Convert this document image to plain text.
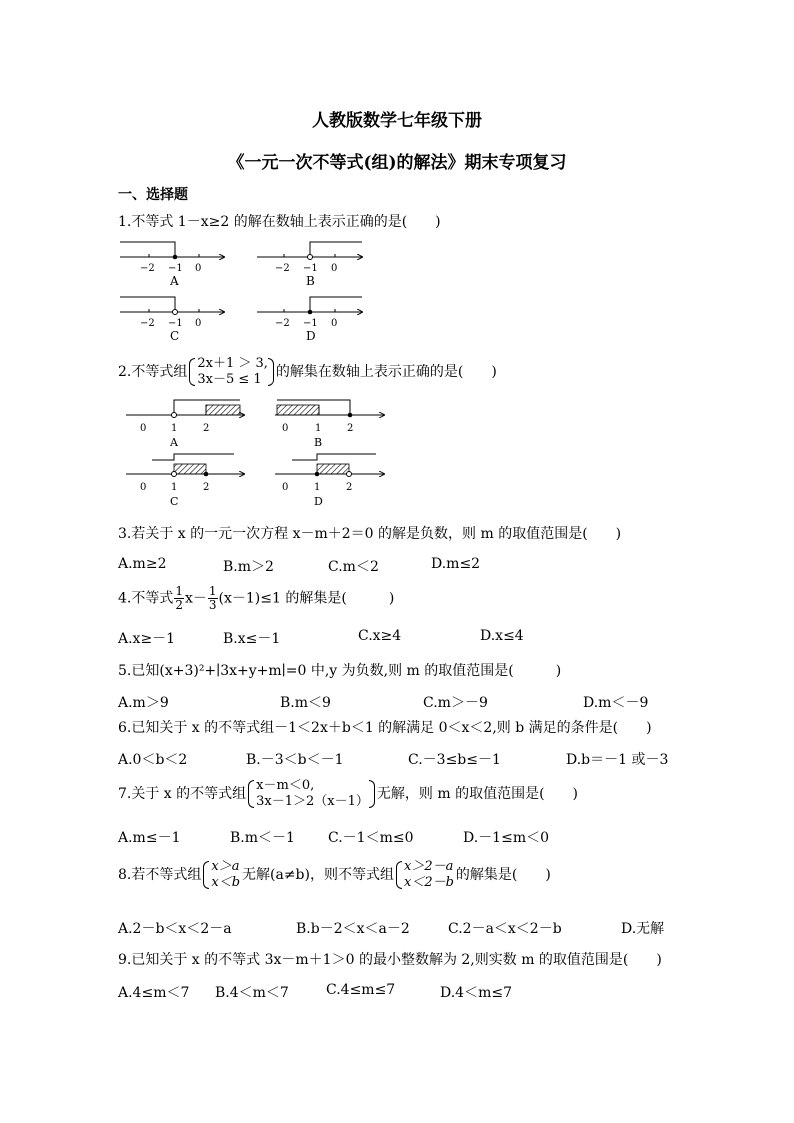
人教版数学七年级下册
《一元一次不等式(组)的解法》期末专项复习
一、选择题
1.不等式 1－x≥2 的解在数轴上表示正确的是(　　)
−2 −1 0
A
−2 −1 0
B
−2 −1 0
C
−2 −1 0
D
2.不等式组
2x＋1 ＞ 3,
3x－5 ≤ 1	的解集在数轴上表示正确的是(　　)
0 1	2
A
0	1	2
B
0 1	2
C
0	1	2
D
3.若关于 x 的一元一次方程 x－m＋2＝0 的解是负数，则 m 的取值范围是(　　)
A.m≥2	B.m＞2	C.m＜2	D.m≤2
4.不等式 $\frac{1}{2} x- \frac{1}{3} (x-1)\le 1$ 的解集是(　　　)
A.x≥－1	B.x≤－1	C.x≥4	D.x≤4
5.已知(x+3)²+∣3x+y+m∣=0 中,y 为负数,则 m 的取值范围是(　　　)
A.m＞9	B.m＜9	C.m＞－9	D.m＜－9
6.已知关于 x 的不等式组－1＜2x＋b＜1 的解满足 0＜x＜2,则 b 满足的条件是(　　)
A.0＜b＜2	B.－3＜b＜－1	C.－3≤b≤－1	D.b＝－1 或－3
7.关于 x 的不等式组
x－m＜0,
3x－1＞2（x－1） 无解，则 m 的取值范围是(　　)
A.m≤－1	B.m＜－1 C.－1＜m≤0	D.－1≤m＜0
8.若不等式组
x＞a
x＜b 无解(a≠b)，则不等式组
x＞2－a
x＜2－b 的解集是(　　)
A.2－b＜x＜2－a	B.b－2＜x＜a－2	C.2－a＜x＜2－b	D.无解
9.已知关于 x 的不等式 3x－m＋1＞0 的最小整数解为 2,则实数 m 的取值范围是(　　)
A.4≤m＜7 B.4＜m＜7	C.4≤m≤7	D.4＜m≤7
